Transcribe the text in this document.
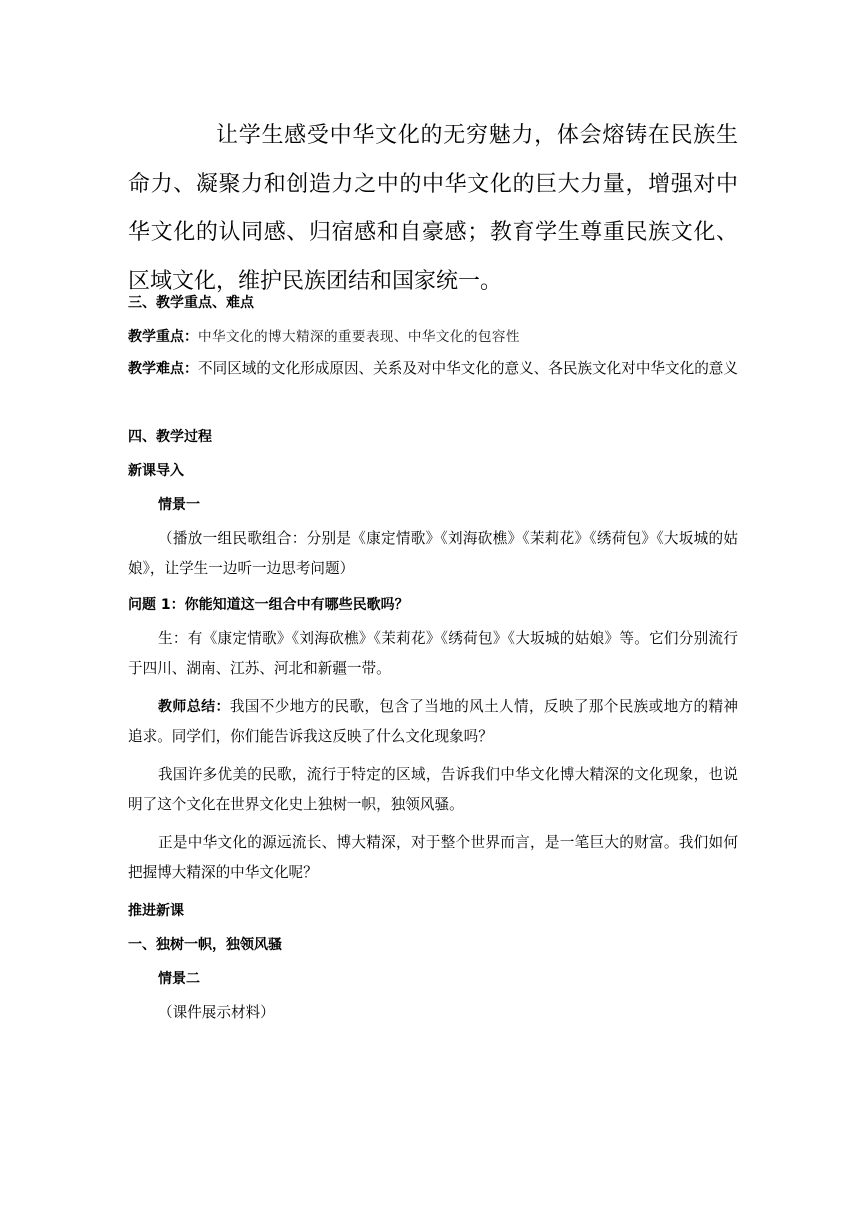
让学生感受中华文化的无穷魅力，体会熔铸在民族生命力、凝聚力和创造力之中的中华文化的巨大力量，增强对中华文化的认同感、归宿感和自豪感；教育学生尊重民族文化、区域文化，维护民族团结和国家统一。

三、教学重点、难点

教学重点：中华文化的博大精深的重要表现、中华文化的包容性

教学难点：不同区域的文化形成原因、关系及对中华文化的意义、各民族文化对中华文化的意义

四、教学过程

新课导入

情景一

（播放一组民歌组合：分别是《康定情歌》《刘海砍樵》《茉莉花》《绣荷包》《大坂城的姑娘》，让学生一边听一边思考问题）

问题 1：你能知道这一组合中有哪些民歌吗？

生：有《康定情歌》《刘海砍樵》《茉莉花》《绣荷包》《大坂城的姑娘》等。它们分别流行于四川、湖南、江苏、河北和新疆一带。

教师总结：我国不少地方的民歌，包含了当地的风土人情，反映了那个民族或地方的精神追求。同学们，你们能告诉我这反映了什么文化现象吗？

我国许多优美的民歌，流行于特定的区域，告诉我们中华文化博大精深的文化现象，也说明了这个文化在世界文化史上独树一帜，独领风骚。

正是中华文化的源远流长、博大精深，对于整个世界而言，是一笔巨大的财富。我们如何把握博大精深的中华文化呢？

推进新课

一、独树一帜，独领风骚

情景二

（课件展示材料）
